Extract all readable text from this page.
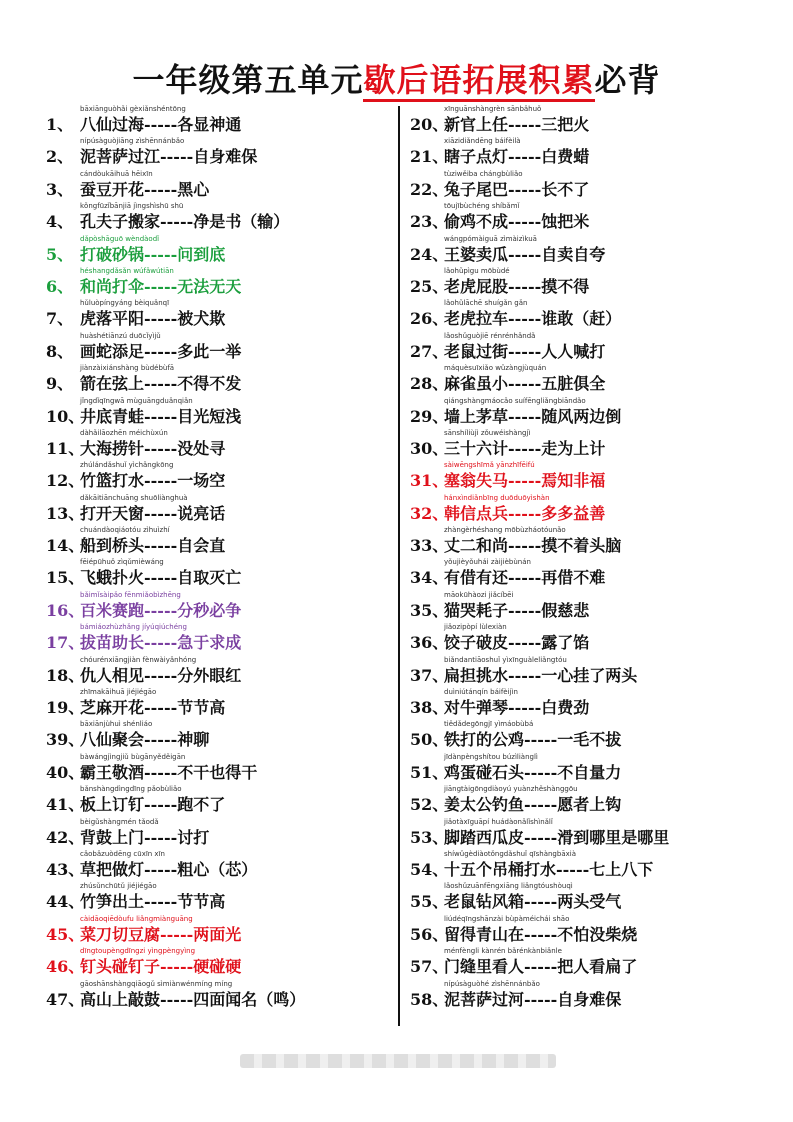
一年级第五单元歇后语拓展积累必背
bāxiānguòhǎi gèxiǎnshéntōng
1、 八仙过海-----各显神通
nípúsàguòjiāng zìshēnnánbǎo
2、 泥菩萨过江-----自身难保
cándòukāihuā hēixīn
3、 蚕豆开花-----黑心
kǒngfūzǐbānjiā jìngshìshū shū
4、 孔夫子搬家-----净是书（输）
dǎpòshāguō wèndàodǐ
5、 打破砂锅-----问到底
héshangdǎsǎn wúfǎwútiān
6、 和尚打伞-----无法无天
hǔluòpíngyáng bèiquǎnqī
7、 虎落平阳-----被犬欺
huàshétiānzú duōcǐyìjǔ
8、 画蛇添足-----多此一举
jiànzàixiánshàng bùdébùfā
9、 箭在弦上-----不得不发
jǐngdǐqīngwā mùguāngduǎnqiǎn
10、井底青蛙-----目光短浅
dàhǎilāozhēn méichùxún
11、大海捞针-----没处寻
zhúlándǎshuǐ yìchǎngkōng
12、竹篮打水-----一场空
dǎkāitiānchuāng shuōliànghuà
13、打开天窗-----说亮话
chuándàoqiáotóu zìhuìzhí
14、船到桥头-----自会直
fēiépūhuǒ zìqǔmièwáng
15、飞蛾扑火-----自取灭亡
bǎimǐsàipǎo fēnmiǎobìzhēng
16、百米赛跑-----分秒必争
bámiáozhùzhǎng jíyúqiúchéng
17、拔苗助长-----急于求成
chóurénxiāngjiàn fènwàiyǎnhóng
18、仇人相见-----分外眼红
zhīmakāihuā jiéjiégāo
19、芝麻开花-----节节高
bāxiānjùhuì shénliáo
39、八仙聚会-----神聊
bàwángjìngjiǔ bùgānyěděigān
40、霸王敬酒-----不干也得干
bǎnshàngdìngdīng pǎobùliǎo
41、板上订钉-----跑不了
bèigǔshàngmén tǎodǎ
42、背鼓上门-----讨打
cǎobǎzuòdēng cūxīn xīn
43、草把做灯-----粗心（芯）
zhúsǔnchūtǔ jiéjiégāo
44、竹笋出土-----节节高
càidāoqiēdòufu liǎngmiànguāng
45、菜刀切豆腐-----两面光
dīngtoupèngdīngzi yìngpèngyìng
46、钉头碰钉子-----硬碰硬
gāoshānshàngqiāogǔ sìmiànwénmíng míng
47、高山上敲鼓-----四面闻名（鸣）
xīnguānshàngrèn sānbǎhuǒ
20、新官上任-----三把火
xiāzidiǎndēng báifèilà
21、瞎子点灯-----白费蜡
tùziwěiba chángbùliǎo
22、兔子尾巴-----长不了
tōujībùchéng shíbǎmǐ
23、偷鸡不成-----蚀把米
wángpómàiguā zìmàizìkuā
24、王婆卖瓜-----自卖自夸
lǎohǔpìgu mōbùdé
25、老虎屁股-----摸不得
lǎohǔlāchē shuígǎn gǎn
26、老虎拉车-----谁敢（赶）
lǎoshǔguòjiē rénrénhǎndǎ
27、老鼠过街-----人人喊打
máquèsuīxiǎo wǔzàngjùquán
28、麻雀虽小-----五脏俱全
qiángshàngmáocǎo suífēngliǎngbiāndǎo
29、墙上茅草-----随风两边倒
sānshíliùjì zǒuwéishàngjì
30、三十六计-----走为上计
sàiwēngshīmǎ yānzhīfēifú
31、塞翁失马-----焉知非福
hánxìndiǎnbīng duōduōyìshàn
32、韩信点兵-----多多益善
zhàngèrhéshang mōbùzháotóunǎo
33、丈二和尚-----摸不着头脑
yǒujièyǒuhái zàijièbùnán
34、有借有还-----再借不难
māokūhàozi jiǎcíbēi
35、猫哭耗子-----假慈悲
jiǎozipòpí lùlexiàn
36、饺子破皮-----露了馅
biǎndantiāoshuǐ yìxīnguàleliǎngtóu
37、扁担挑水-----一心挂了两头
duìniútánqín báifèijìn
38、对牛弹琴-----白费劲
tiědǎdegōngjī yìmáobùbá
50、铁打的公鸡-----一毛不拔
jīdànpèngshítou búzìliànglì
51、鸡蛋碰石头-----不自量力
jiāngtàigōngdiàoyú yuànzhěshànggōu
52、姜太公钓鱼-----愿者上钩
jiǎotàxīguāpí huádàonǎlǐshìnǎlǐ
53、脚踏西瓜皮-----滑到哪里是哪里
shíwǔgèdiàotǒngdǎshuǐ qīshàngbāxià
54、十五个吊桶打水-----七上八下
lǎoshǔzuānfēngxiāng liǎngtóushòuqì
55、老鼠钻风箱-----两头受气
liúdéqīngshānzài bùpàméichái shāo
56、留得青山在-----不怕没柴烧
ménfèngli kànrén bǎrénkànbiǎnle
57、门缝里看人-----把人看扁了
nípúsàguòhé zìshēnnánbǎo
58、泥菩萨过河-----自身难保
